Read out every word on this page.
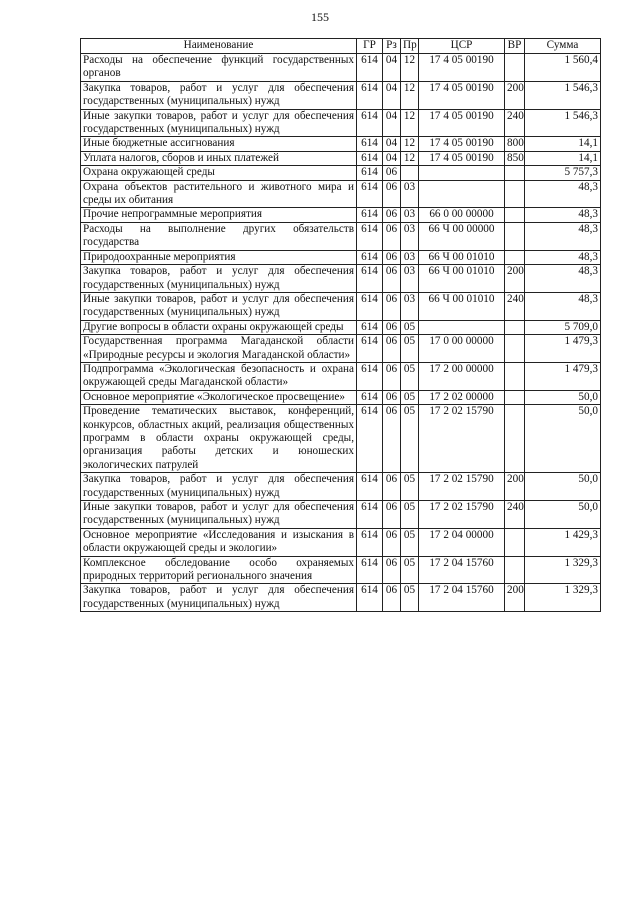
155
Наименование	ГР	Рз	Пр	ЦСР	ВР	Сумма
Расходы на обеспечение функций государственных органов	614	04	12	17 4 05 00190		1 560,4
Закупка товаров, работ и услуг для обеспечения государственных (муниципальных) нужд	614	04	12	17 4 05 00190	200	1 546,3
Иные закупки товаров, работ и услуг для обеспечения государственных (муниципальных) нужд	614	04	12	17 4 05 00190	240	1 546,3
Иные бюджетные ассигнования	614	04	12	17 4 05 00190	800	14,1
Уплата налогов, сборов и иных платежей	614	04	12	17 4 05 00190	850	14,1
Охрана окружающей среды	614	06				5 757,3
Охрана объектов растительного и животного мира и среды их обитания	614	06	03			48,3
Прочие непрограммные мероприятия	614	06	03	66 0 00 00000		48,3
Расходы на выполнение других обязательств государства	614	06	03	66 Ч 00 00000		48,3
Природоохранные мероприятия	614	06	03	66 Ч 00 01010		48,3
Закупка товаров, работ и услуг для обеспечения государственных (муниципальных) нужд	614	06	03	66 Ч 00 01010	200	48,3
Иные закупки товаров, работ и услуг для обеспечения государственных (муниципальных) нужд	614	06	03	66 Ч 00 01010	240	48,3
Другие вопросы в области охраны окружающей среды	614	06	05			5 709,0
Государственная программа Магаданской области «Природные ресурсы и экология Магаданской области»	614	06	05	17 0 00 00000		1 479,3
Подпрограмма «Экологическая безопасность и охрана окружающей среды Магаданской области»	614	06	05	17 2 00 00000		1 479,3
Основное мероприятие «Экологическое просвещение»	614	06	05	17 2 02 00000		50,0
Проведение тематических выставок, конференций, конкурсов, областных акций, реализация общественных программ в области охраны окружающей среды, организация работы детских и юношеских экологических патрулей	614	06	05	17 2 02 15790		50,0
Закупка товаров, работ и услуг для обеспечения государственных (муниципальных) нужд	614	06	05	17 2 02 15790	200	50,0
Иные закупки товаров, работ и услуг для обеспечения государственных (муниципальных) нужд	614	06	05	17 2 02 15790	240	50,0
Основное мероприятие «Исследования и изыскания в области окружающей среды и экологии»	614	06	05	17 2 04 00000		1 429,3
Комплексное обследование особо охраняемых природных территорий регионального значения	614	06	05	17 2 04 15760		1 329,3
Закупка товаров, работ и услуг для обеспечения государственных (муниципальных) нужд	614	06	05	17 2 04 15760	200	1 329,3
